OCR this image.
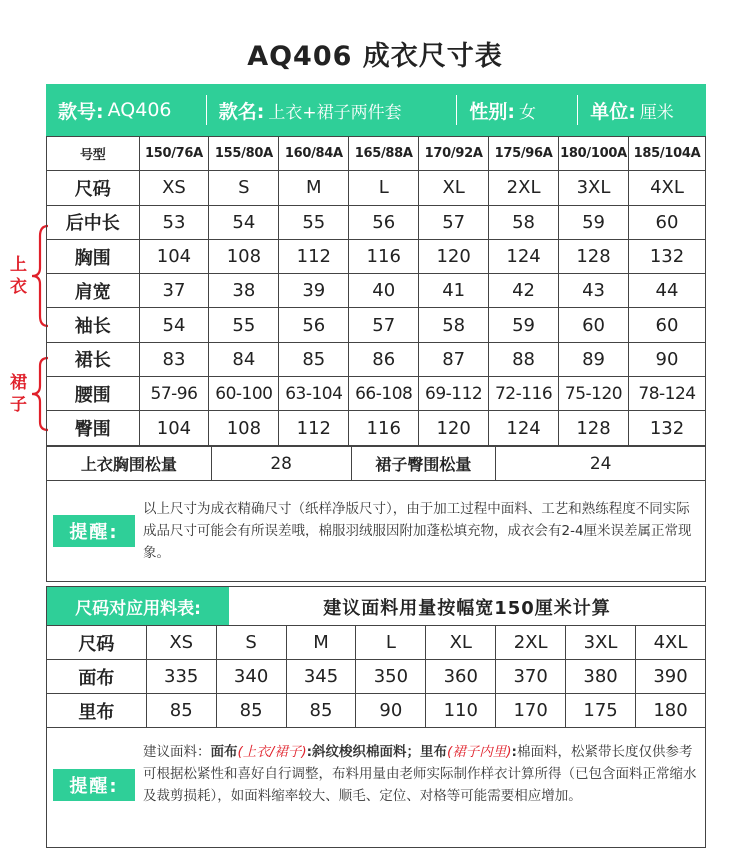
AQ406 成衣尺寸表
款号: AQ406 款名: 上衣+裙子两件套	性别: 女	单位: 厘米
上
衣
裙
子
号型	150/76A	155/80A	160/84A	165/88A	170/92A	175/96A	180/100A	185/104A
尺码	XS	S	M	L	XL	2XL	3XL	4XL
后中长	53	54	55	56	57	58	59	60
胸围	104	108	112	116	120	124	128	132
肩宽	37	38	39	40	41	42	43	44
袖长	54	55	56	57	58	59	60	60
裙长	83	84	85	86	87	88	89	90
腰围	57-96	60-100	63-104	66-108	69-112	72-116	75-120	78-124
臀围	104	108	112	116	120	124	128	132
上衣胸围松量	28	裙子臀围松量	24
提醒:
以上尺寸为成衣精确尺寸（纸样净版尺寸），由于加工过程中面料、工艺和熟练程度不同实际成品尺寸可能会有所误差哦，棉服羽绒服因附加蓬松填充物，成衣会有2-4厘米误差属正常现象。
尺码对应用料表:	建议面料用量按幅宽150厘米计算
尺码	XS	S	M	L	XL	2XL	3XL	4XL
面布	335	340	345	350	360	370	380	390
里布	85	85	85	90	110	170	175	180
提醒:
建议面料：面布(上衣/裙子):斜纹梭织棉面料；里布(裙子内里):棉面料，松紧带长度仅供参考可根据松紧性和喜好自行调整，布料用量由老师实际制作样衣计算所得（已包含面料正常缩水及裁剪损耗），如面料缩率较大、顺毛、定位、对格等可能需要相应增加。
